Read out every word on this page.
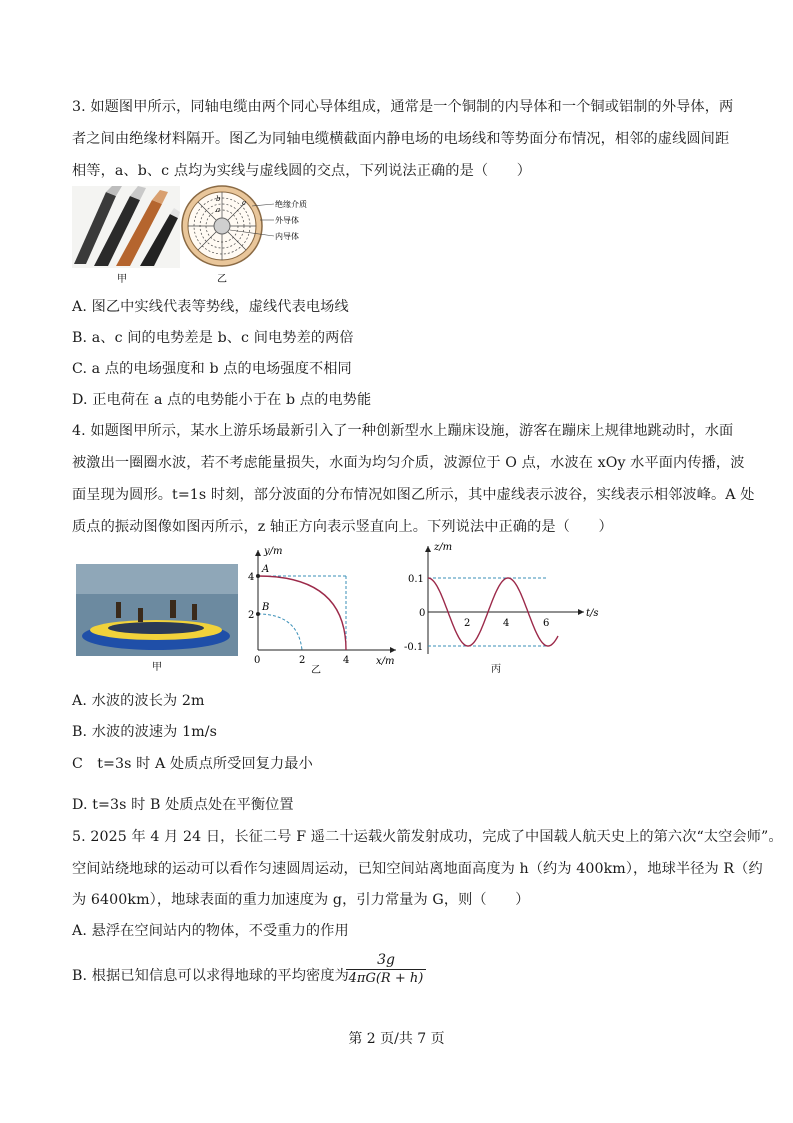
3. 如题图甲所示，同轴电缆由两个同心导体组成，通常是一个铜制的内导体和一个铜或铝制的外导体，两
者之间由绝缘材料隔开。图乙为同轴电缆横截面内静电场的电场线和等势面分布情况，相邻的虚线圆间距
相等，a、b、c 点均为实线与虚线圆的交点，下列说法正确的是（　　）
甲
b
a
c	绝缘介质
外导体
内导体
乙
A. 图乙中实线代表等势线，虚线代表电场线
B. a、c 间的电势差是 b、c 间电势差的两倍
C. a 点的电场强度和 b 点的电场强度不相同
D. 正电荷在 a 点的电势能小于在 b 点的电势能
4. 如题图甲所示，某水上游乐场最新引入了一种创新型水上蹦床设施，游客在蹦床上规律地跳动时，水面
被激出一圈圈水波，若不考虑能量损失，水面为均匀介质，波源位于 O 点，水波在 xOy 水平面内传播，波
面呈现为圆形。t=1s 时刻，部分波面的分布情况如图乙所示，其中虚线表示波谷，实线表示相邻波峰。A 处
质点的振动图像如图丙所示，z 轴正方向表示竖直向上。下列说法中正确的是（　　）
甲
y/m
x/m
A
B
4
2
0	2	4
乙
z/m
t/s
0.1
-0.1
0
2	4	6
丙
A. 水波的波长为 2m
B. 水波的波速为 1m/s
C　t=3s 时 A 处质点所受回复力最小
D. t=3s 时 B 处质点处在平衡位置
5. 2025 年 4 月 24 日，长征二号 F 遥二十运载火箭发射成功，完成了中国载人航天史上的第六次“太空会师”。
空间站绕地球的运动可以看作匀速圆周运动，已知空间站离地面高度为 h（约为 400km），地球半径为 R（约
为 6400km），地球表面的重力加速度为 g，引力常量为 G，则（　　）
A. 悬浮在空间站内的物体，不受重力的作用
B. 根据已知信息可以求得地球的平均密度为
$\frac{3g}{4\pi G(R + h)}$
第 2 页/共 7 页
